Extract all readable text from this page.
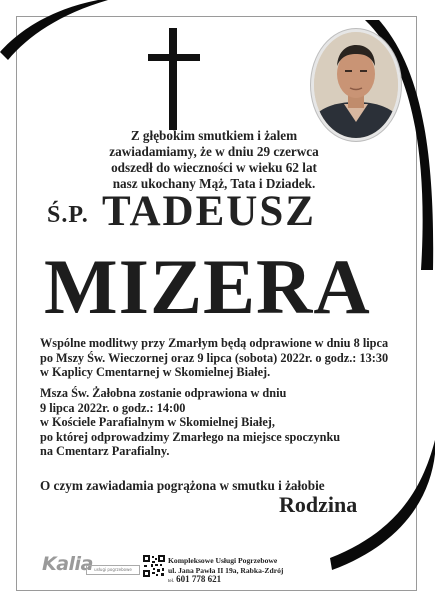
Z głębokim smutkiem i żalem
zawiadamiamy, że w dniu 29 czerwca
odszedł do wieczności w wieku 62 lat
nasz ukochany Mąż, Tata i Dziadek.
Ś.P. TADEUSZ
MIZERA
Wspólne modlitwy przy Zmarłym będą odprawione w dniu 8 lipca
po Mszy Św. Wieczornej oraz 9 lipca (sobota) 2022r. o godz.: 13:30
w Kaplicy Cmentarnej w Skomielnej Białej.
Msza Św. Żałobna zostanie odprawiona w dniu
9 lipca 2022r. o godz.: 14:00
w Kościele Parafialnym w Skomielnej Białej,
po której odprowadzimy Zmarłego na miejsce spoczynku
na Cmentarz Parafialny.
O czym zawiadamia pogrążona w smutku i żałobie
Rodzina
Kalia usługi pogrzebowe
Kompleksowe Usługi Pogrzebowe
ul. Jana Pawła II 19a, Rabka-Zdrój
tel. 601 778 621
